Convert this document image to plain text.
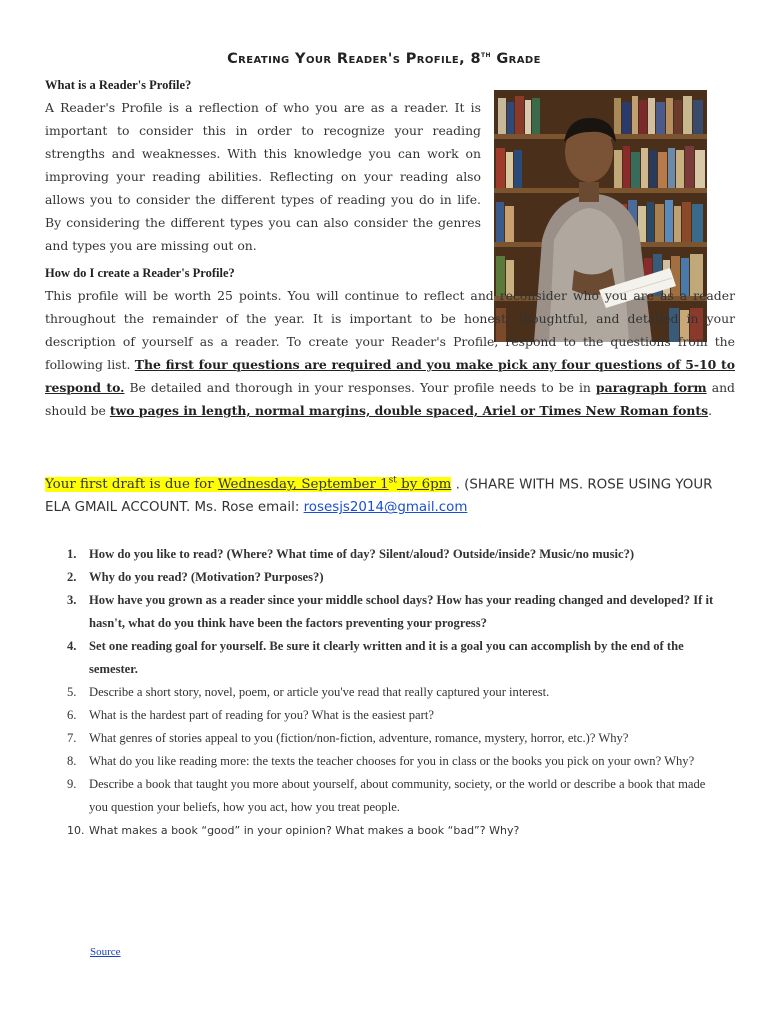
Creating Your Reader's Profile, 8th Grade
What is a Reader's Profile?
A Reader's Profile is a reflection of who you are as a reader. It is important to consider this in order to recognize your reading strengths and weaknesses. With this knowledge you can work on improving your reading abilities. Reflecting on your reading also allows you to consider the different types of reading you do in life. By considering the different types you can also consider the genres and types you are missing out on.
How do I create a Reader's Profile?
This profile will be worth 25 points. You will continue to reflect and reconsider who you are as a reader throughout the remainder of the year. It is important to be honest, thoughtful, and detailed in your description of yourself as a reader. To create your Reader's Profile, respond to the questions from the following list. The first four questions are required and you make pick any four questions of 5-10 to respond to. Be detailed and thorough in your responses. Your profile needs to be in paragraph form and should be two pages in length, normal margins, double spaced, Ariel or Times New Roman fonts.
Your first draft is due for Wednesday, September 1st by 6pm . (SHARE WITH MS. ROSE USING YOUR ELA GMAIL ACCOUNT. Ms. Rose email: rosesjs2014@gmail.com
1. How do you like to read? (Where? What time of day? Silent/aloud? Outside/inside? Music/no music?)
2. Why do you read? (Motivation? Purposes?)
3. How have you grown as a reader since your middle school days? How has your reading changed and developed? If it hasn't, what do you think have been the factors preventing your progress?
4. Set one reading goal for yourself. Be sure it clearly written and it is a goal you can accomplish by the end of the semester.
5. Describe a short story, novel, poem, or article you've read that really captured your interest.
6. What is the hardest part of reading for you? What is the easiest part?
7. What genres of stories appeal to you (fiction/non-fiction, adventure, romance, mystery, horror, etc.)? Why?
8. What do you like reading more: the texts the teacher chooses for you in class or the books you pick on your own? Why?
9. Describe a book that taught you more about yourself, about community, society, or the world or describe a book that made you question your beliefs, how you act, how you treat people.
10. What makes a book “good” in your opinion? What makes a book “bad”? Why?
Source
